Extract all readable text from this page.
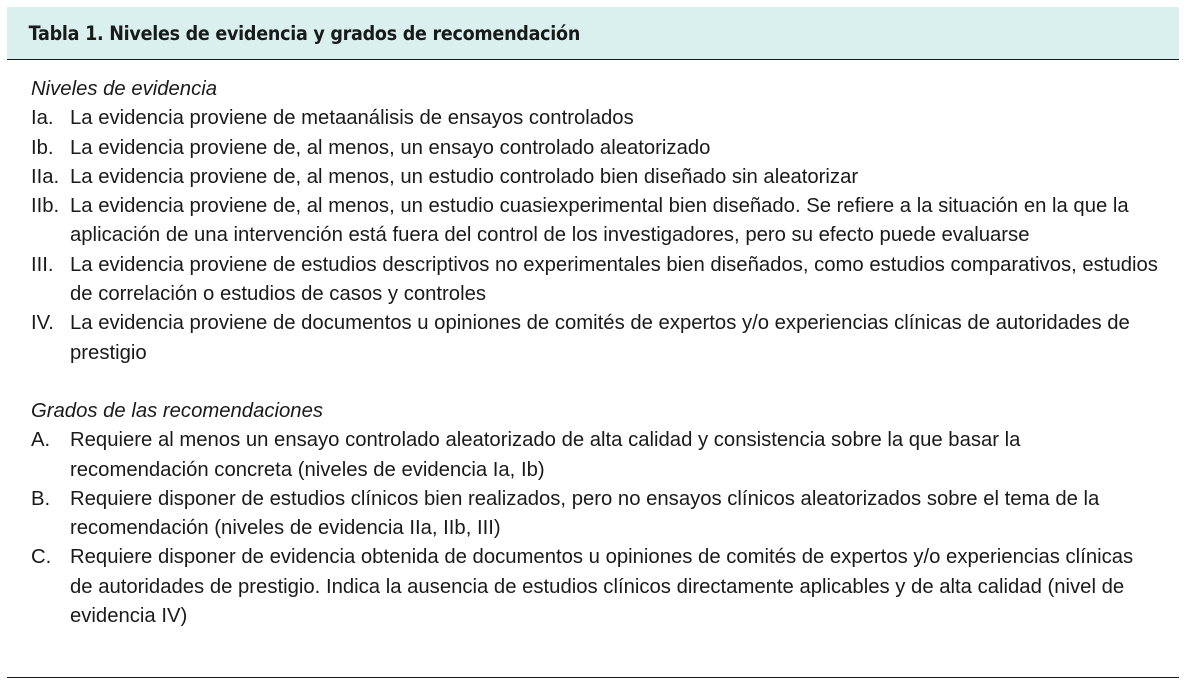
Tabla 1. Niveles de evidencia y grados de recomendación
Niveles de evidencia
Ia. La evidencia proviene de metaanálisis de ensayos controlados
Ib. La evidencia proviene de, al menos, un ensayo controlado aleatorizado
IIa. La evidencia proviene de, al menos, un estudio controlado bien diseñado sin aleatorizar
IIb. La evidencia proviene de, al menos, un estudio cuasiexperimental bien diseñado. Se refiere a la situación en la que la aplicación de una intervención está fuera del control de los investigadores, pero su efecto puede evaluarse
III. La evidencia proviene de estudios descriptivos no experimentales bien diseñados, como estudios comparativos, estudios de correlación o estudios de casos y controles
IV. La evidencia proviene de documentos u opiniones de comités de expertos y/o experiencias clínicas de autoridades de prestigio
Grados de las recomendaciones
A. Requiere al menos un ensayo controlado aleatorizado de alta calidad y consistencia sobre la que basar la recomendación concreta (niveles de evidencia Ia, Ib)
B. Requiere disponer de estudios clínicos bien realizados, pero no ensayos clínicos aleatorizados sobre el tema de la recomendación (niveles de evidencia IIa, IIb, III)
C. Requiere disponer de evidencia obtenida de documentos u opiniones de comités de expertos y/o experiencias clínicas de autoridades de prestigio. Indica la ausencia de estudios clínicos directamente aplicables y de alta calidad (nivel de evidencia IV)
